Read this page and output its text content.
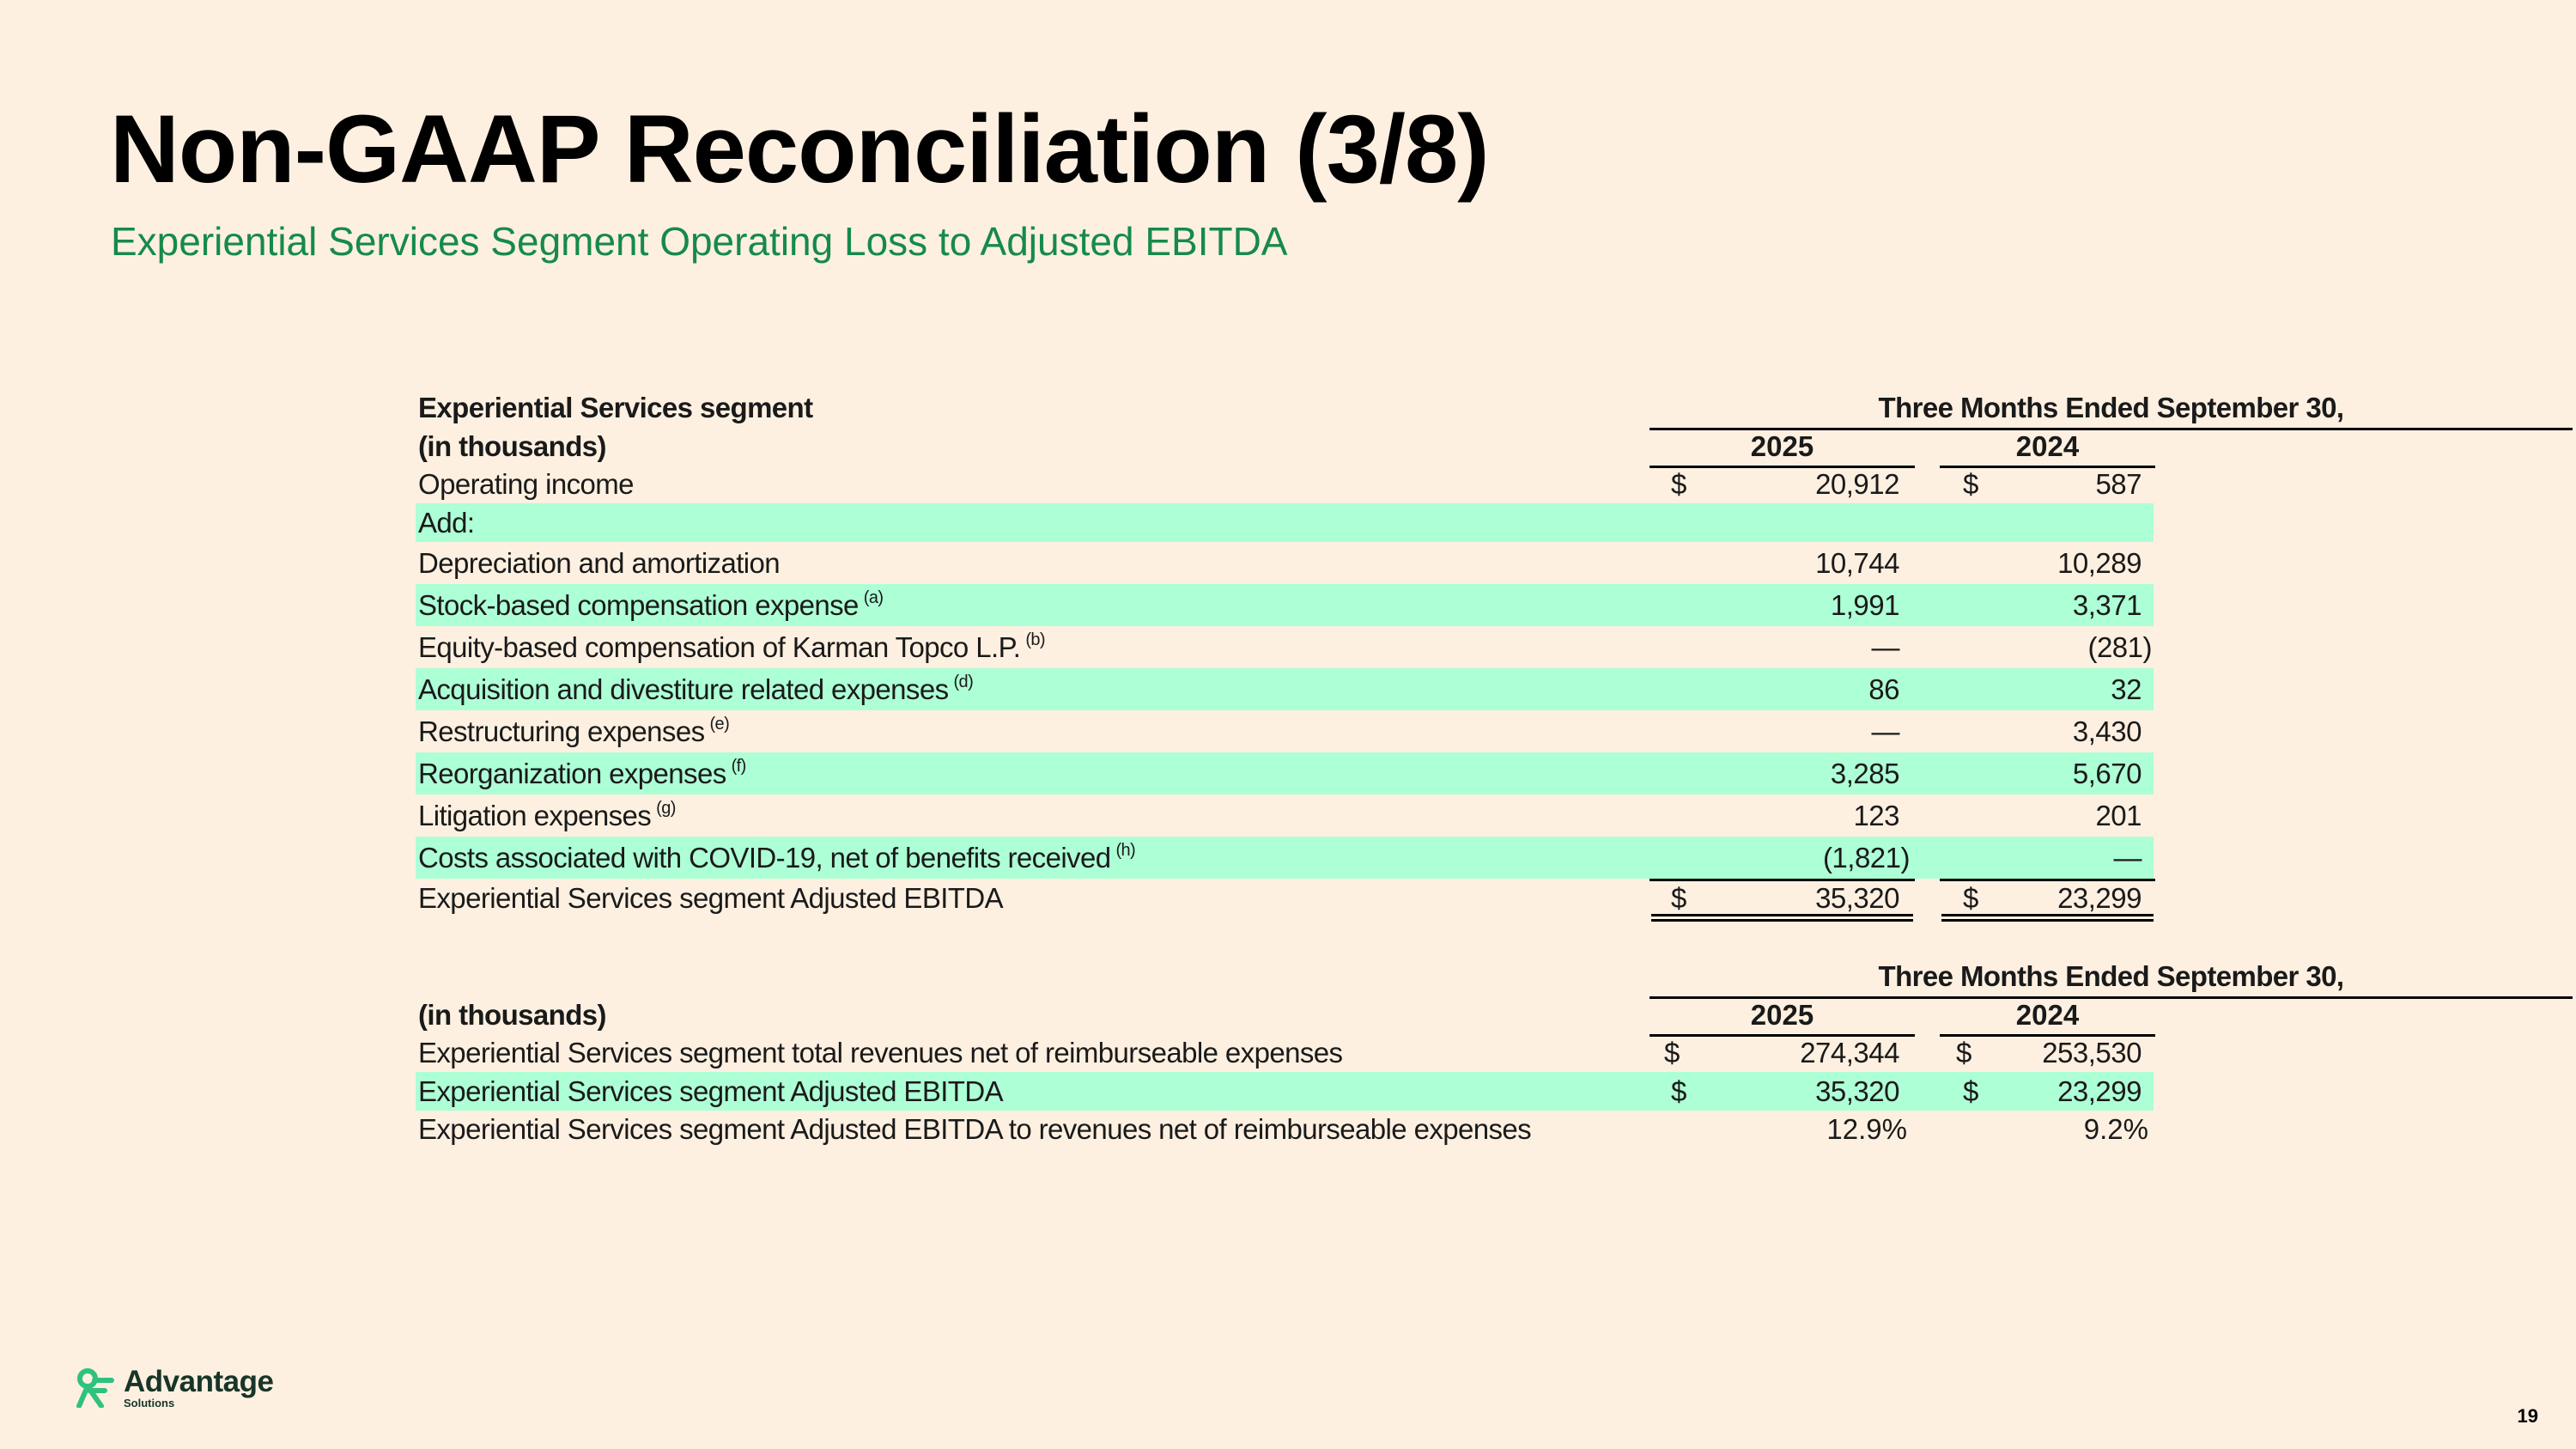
Non-GAAP Reconciliation (3/8)
Experiential Services Segment Operating Loss to Adjusted EBITDA
Experiential Services segment	Three Months Ended September 30,
(in thousands)	2025	2024
Operating income	$	20,912 $	587
Add:
Depreciation and amortization	10,744	10,289
Stock-based compensation expense $^{(a)}$	1,991	3,371
Equity-based compensation of Karman Topco L.P. $^{(b)}$	—	(281)
Acquisition and divestiture related expenses $^{(d)}$	86	32
Restructuring expenses $^{(e)}$	—	3,430
Reorganization expenses $^{(f)}$	3,285	5,670
Litigation expenses $^{(g)}$	123	201
Costs associated with COVID-19, net of benefits received $^{(h)}$	(1,821)	—
Experiential Services segment Adjusted EBITDA	$	35,320 $	23,299
Three Months Ended September 30,
(in thousands)	2025	2024
Experiential Services segment total revenues net of reimburseable expenses	$	274,344 $ 253,530
Experiential Services segment Adjusted EBITDA	$	35,320 $	23,299
Experiential Services segment Adjusted EBITDA to revenues net of reimburseable expenses	12.9%	9.2%
Advantage
Solutions
19
